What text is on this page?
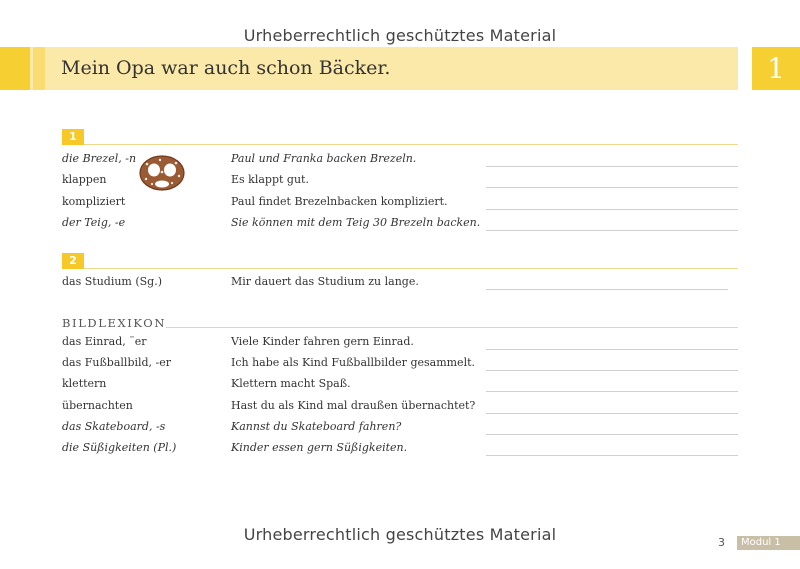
Urheberrechtlich geschütztes Material
Mein Opa war auch schon Bäcker.	1
1
die Brezel, -n	Paul und Franka backen Brezeln.
klappen	Es klappt gut.
kompliziert	Paul findet Brezelnbacken kompliziert.
der Teig, -e	Sie können mit dem Teig 30 Brezeln backen.
2
das Studium (Sg.)	Mir dauert das Studium zu lange.
BILDLEXIKON
das Einrad, ¨er	Viele Kinder fahren gern Einrad.
das Fußballbild, -er	Ich habe als Kind Fußballbilder gesammelt.
klettern	Klettern macht Spaß.
übernachten	Hast du als Kind mal draußen übernachtet?
das Skateboard, -s	Kannst du Skateboard fahren?
die Süßigkeiten (Pl.)	Kinder essen gern Süßigkeiten.
Urheberrechtlich geschütztes Material	3	Modul 1
